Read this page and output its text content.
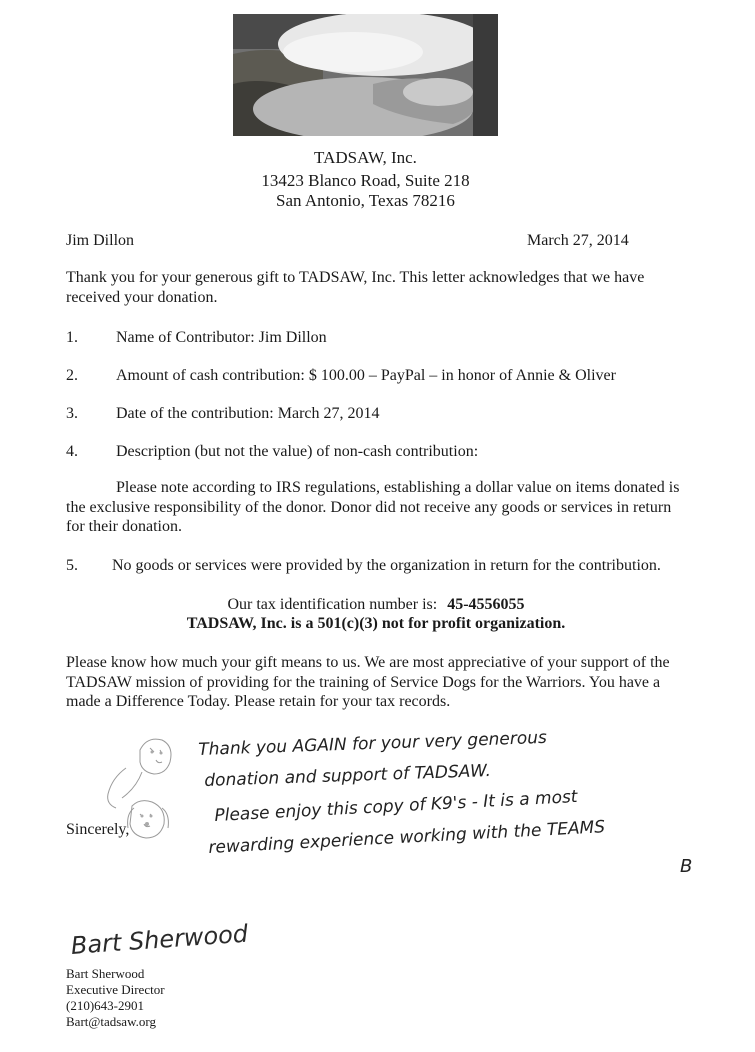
TADSAW, Inc.
13423 Blanco Road, Suite 218
San Antonio, Texas 78216
Jim Dillon	March 27, 2014
Thank you for your generous gift to TADSAW, Inc. This letter acknowledges that we have received your donation.
1. Name of Contributor: Jim Dillon
2. Amount of cash contribution: $ 100.00 – PayPal – in honor of Annie & Oliver
3. Date of the contribution: March 27, 2014
4. Description (but not the value) of non-cash contribution:
Please note according to IRS regulations, establishing a dollar value on items donated is the exclusive responsibility of the donor. Donor did not receive any goods or services in return for their donation.
5. No goods or services were provided by the organization in return for the contribution.
Our tax identification number is: 45-4556055
TADSAW, Inc. is a 501(c)(3) not for profit organization.
Please know how much your gift means to us. We are most appreciative of your support of the TADSAW mission of providing for the training of Service Dogs for the Warriors. You have a made a Difference Today. Please retain for your tax records.
Thank you AGAIN for your very generous
donation and support of TADSAW.
Please enjoy this copy of K9's - It is a most
rewarding experience working with the TEAMS
B
Sincerely,
Bart Sherwood
Bart Sherwood
Executive Director
(210)643-2901
Bart@tadsaw.org
